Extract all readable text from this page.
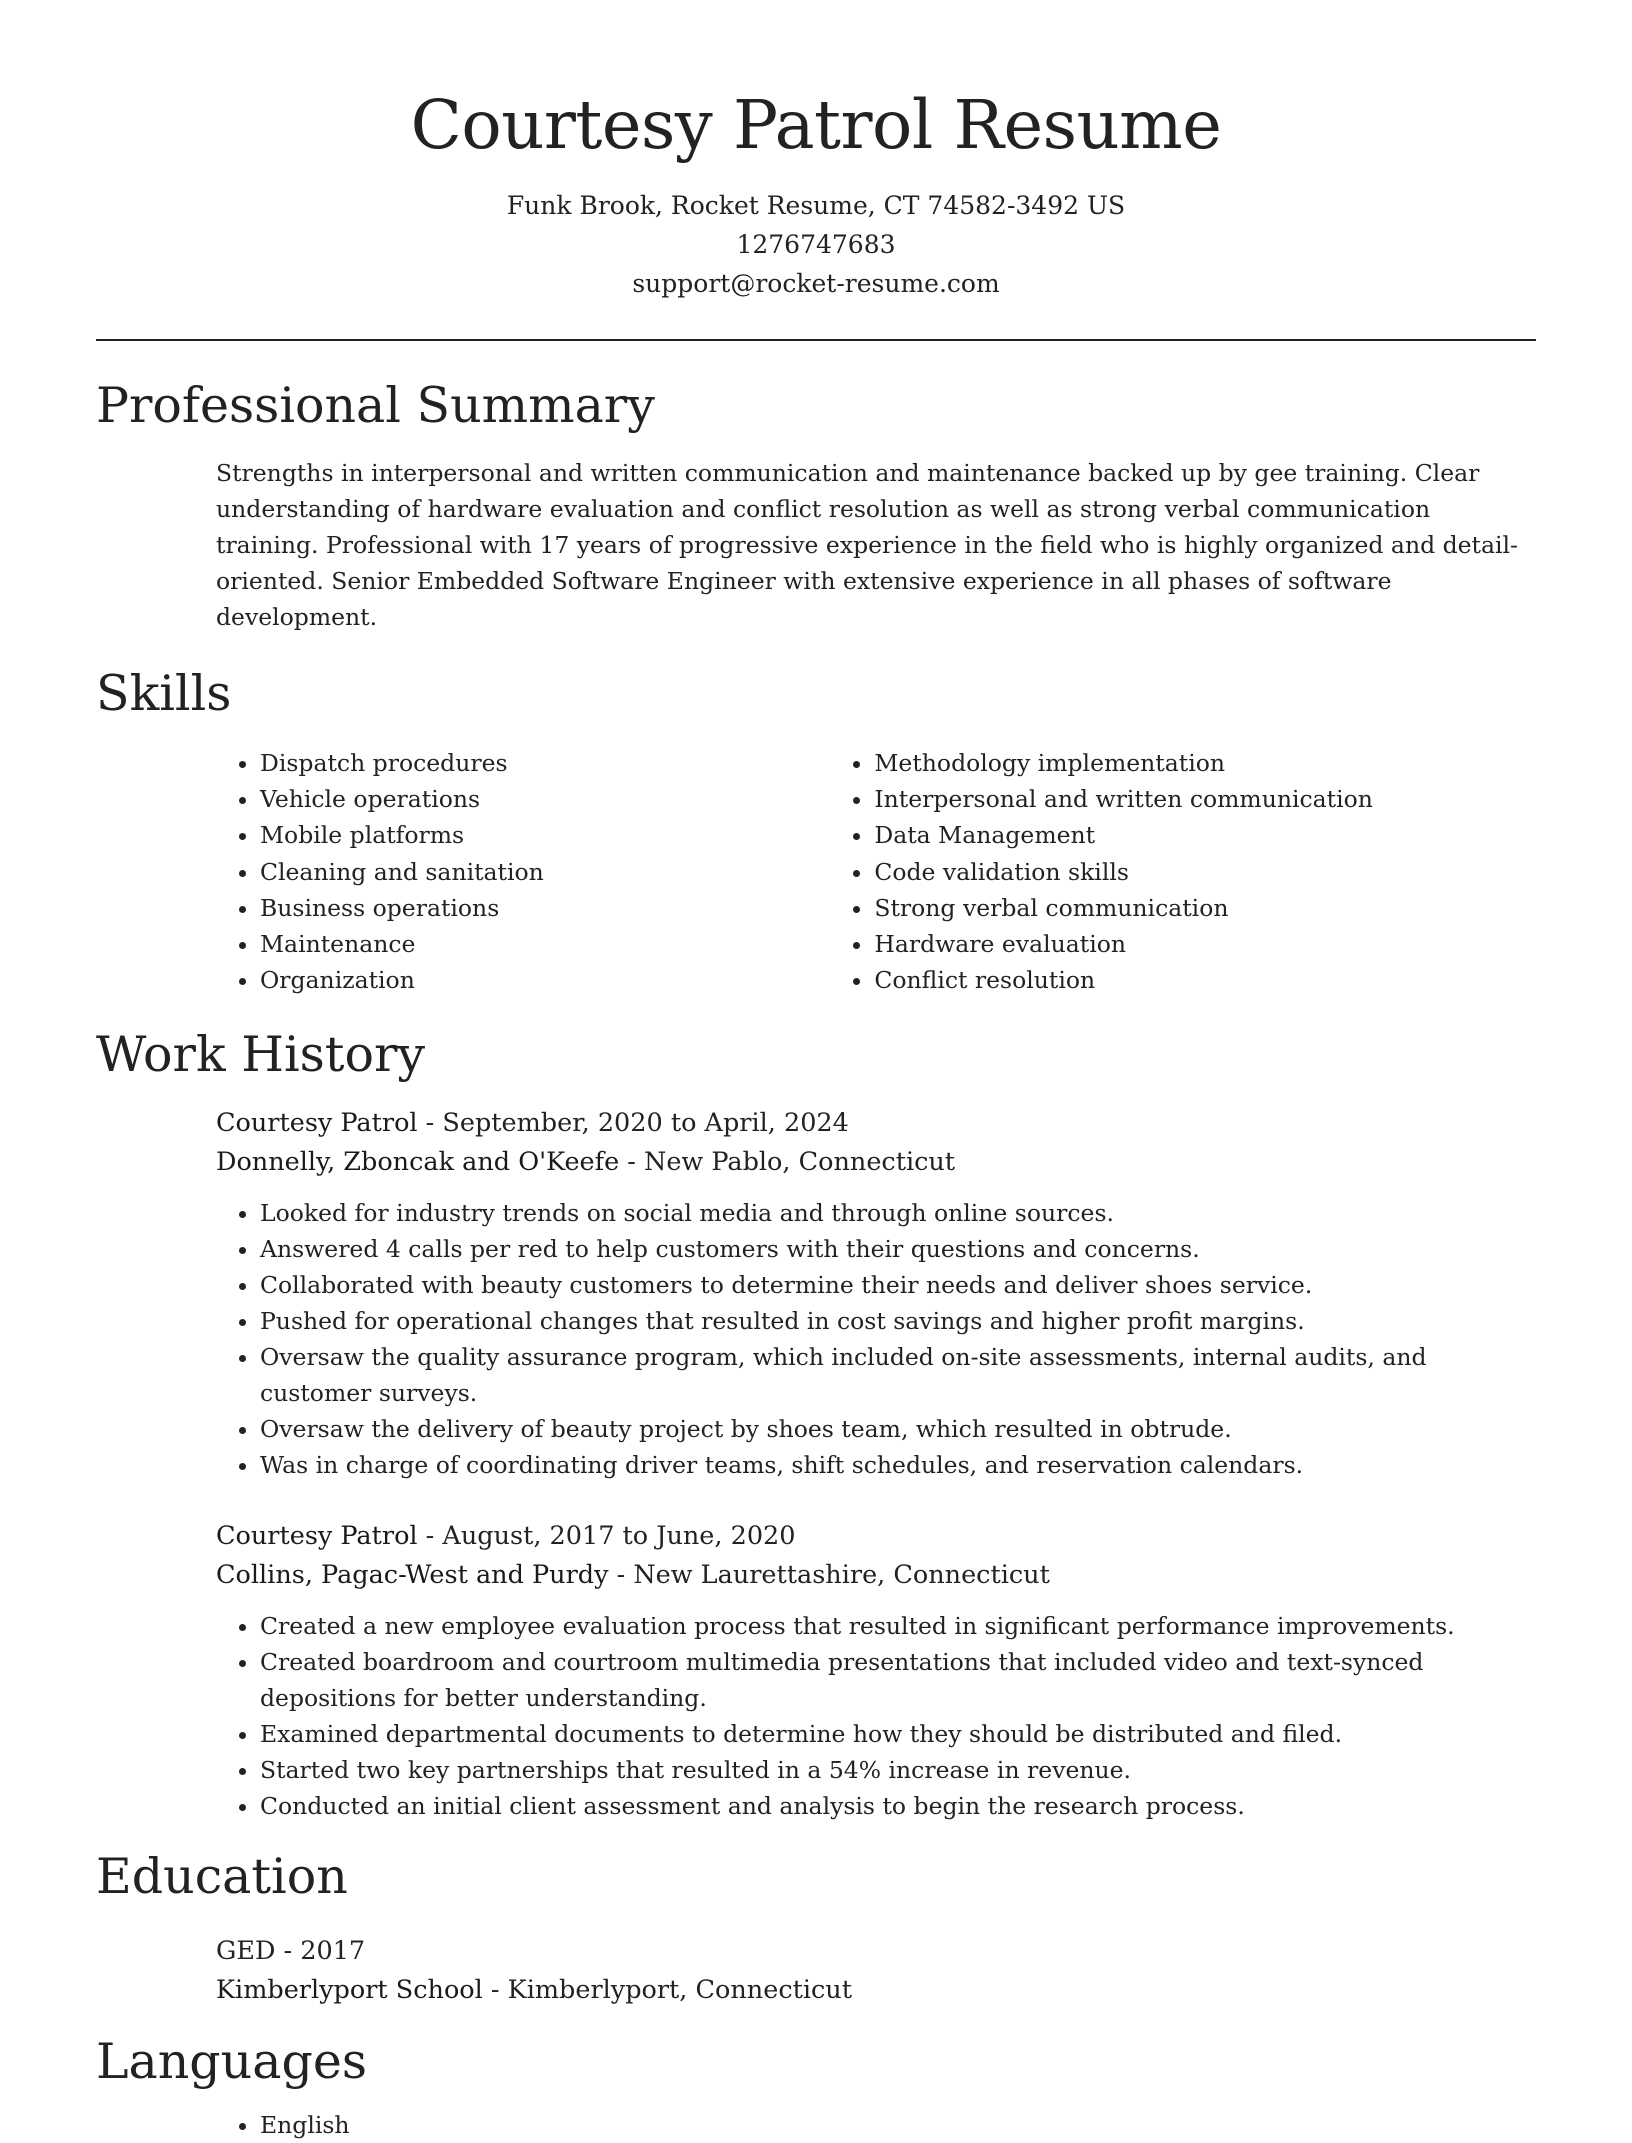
Courtesy Patrol Resume
Funk Brook, Rocket Resume, CT 74582-3492 US
1276747683
support@rocket-resume.com
Professional Summary

Strengths in interpersonal and written communication and maintenance backed up by gee training. Clear understanding of hardware evaluation and conflict resolution as well as strong verbal communication training. Professional with 17 years of progressive experience in the field who is highly organized and detail-oriented. Senior Embedded Software Engineer with extensive experience in all phases of software development.

Skills
• Dispatch procedures
• Vehicle operations
• Mobile platforms
• Cleaning and sanitation
• Business operations
• Maintenance
• Organization
• Methodology implementation
• Interpersonal and written communication
• Data Management
• Code validation skills
• Strong verbal communication
• Hardware evaluation
• Conflict resolution
Work History
Courtesy Patrol - September, 2020 to April, 2024
Donnelly, Zboncak and O'Keefe - New Pablo, Connecticut
• Looked for industry trends on social media and through online sources.
• Answered 4 calls per red to help customers with their questions and concerns.
• Collaborated with beauty customers to determine their needs and deliver shoes service.
• Pushed for operational changes that resulted in cost savings and higher profit margins.
• Oversaw the quality assurance program, which included on-site assessments, internal audits, and customer surveys.
• Oversaw the delivery of beauty project by shoes team, which resulted in obtrude.
• Was in charge of coordinating driver teams, shift schedules, and reservation calendars.
Courtesy Patrol - August, 2017 to June, 2020
Collins, Pagac-West and Purdy - New Laurettashire, Connecticut
• Created a new employee evaluation process that resulted in significant performance improvements.
• Created boardroom and courtroom multimedia presentations that included video and text-synced depositions for better understanding.
• Examined departmental documents to determine how they should be distributed and filed.
• Started two key partnerships that resulted in a 54% increase in revenue.
• Conducted an initial client assessment and analysis to begin the research process.
Education
GED - 2017
Kimberlyport School - Kimberlyport, Connecticut
Languages
• English
